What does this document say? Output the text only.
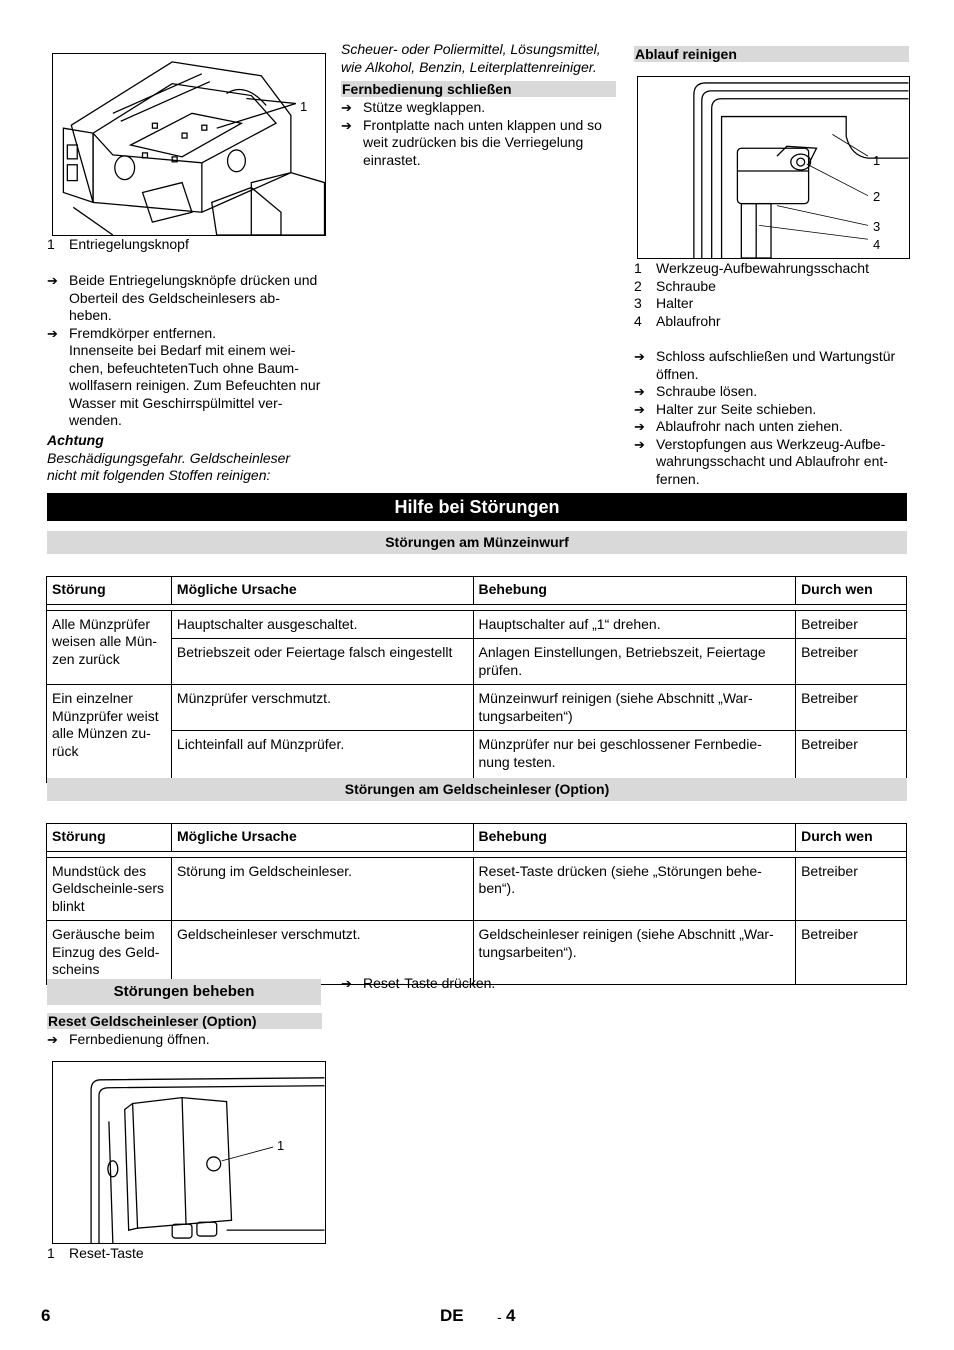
1
1	Entriegelungsknopf
➔ Beide Entriegelungsknöpfe drücken und Oberteil des Geldscheinlesers ab-heben.
➔ Fremdkörper entfernen.
Innenseite bei Bedarf mit einem wei-chen, befeuchtetenTuch ohne Baum-wollfasern reinigen. Zum Befeuchten nur Wasser mit Geschirrspülmittel ver-wenden.
Achtung
Beschädigungsgefahr. Geldscheinleser nicht mit folgenden Stoffen reinigen:
Scheuer- oder Poliermittel, Lösungsmittel, wie Alkohol, Benzin, Leiterplattenreiniger.
Fernbedienung schließen
➔ Stütze wegklappen.
➔ Frontplatte nach unten klappen und so weit zudrücken bis die Verriegelung einrastet.
Ablauf reinigen
1
2
3
4
1	Werkzeug-Aufbewahrungsschacht
2	Schraube
3	Halter
4	Ablaufrohr
➔ Schloss aufschließen und Wartungstür öffnen.
➔ Schraube lösen.
➔ Halter zur Seite schieben.
➔ Ablaufrohr nach unten ziehen.
➔ Verstopfungen aus Werkzeug-Aufbe-wahrungsschacht und Ablaufrohr ent-fernen.
Hilfe bei Störungen
Störungen am Münzeinwurf
Störung	Mögliche Ursache	Behebung	Durch wen

Alle Münzprüfer weisen alle Mün-zen zurück	Hauptschalter ausgeschaltet.	Hauptschalter auf „1“ drehen.	Betreiber
	Betriebszeit oder Feiertage falsch eingestellt	Anlagen Einstellungen, Betriebszeit, Feiertage prüfen.	Betreiber
Ein einzelner Münzprüfer weist alle Münzen zu-rück	Münzprüfer verschmutzt.	Münzeinwurf reinigen (siehe Abschnitt „War-tungsarbeiten“)	Betreiber
	Lichteinfall auf Münzprüfer.	Münzprüfer nur bei geschlossener Fernbedie-nung testen.	Betreiber
Störungen am Geldscheinleser (Option)
Störung	Mögliche Ursache	Behebung	Durch wen

Mundstück des Geldscheinle-sers blinkt	Störung im Geldscheinleser.	Reset-Taste drücken (siehe „Störungen behe-ben“).	Betreiber
Geräusche beim Einzug des Geld-scheins	Geldscheinleser verschmutzt.	Geldscheinleser reinigen (siehe Abschnitt „War-tungsarbeiten“).	Betreiber
Störungen beheben
Reset Geldscheinleser (Option)
➔ Fernbedienung öffnen.
1
1	Reset-Taste
➔ Reset-Taste drücken.
6	DE - 4
